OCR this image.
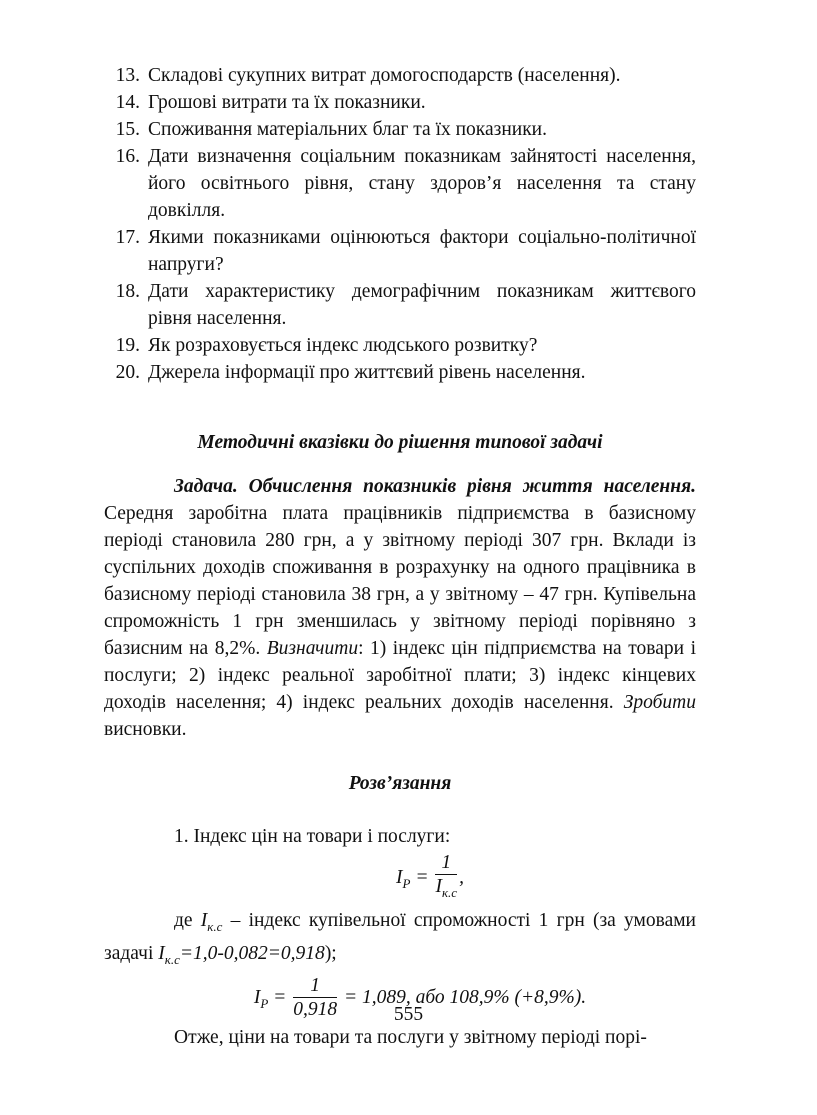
13. Складові сукупних витрат домогосподарств (населення).
14. Грошові витрати та їх показники.
15. Споживання матеріальних благ та їх показники.
16. Дати визначення соціальним показникам зайнятості населення, його освітнього рівня, стану здоров’я населення та стану довкілля.
17. Якими показниками оцінюються фактори соціально-політичної напруги?
18. Дати характеристику демографічним показникам життєвого рівня населення.
19. Як розраховується індекс людського розвитку?
20. Джерела інформації про життєвий рівень населення.
Методичні вказівки до рішення типової задачі
Задача. Обчислення показників рівня життя населення. Середня заробітна плата працівників підприємства в базисному періоді становила 280 грн, а у звітному періоді 307 грн. Вклади із суспільних доходів споживання в розрахунку на одного працівника в базисному періоді становила 38 грн, а у звітному – 47 грн. Купівельна спроможність 1 грн зменшилась у звітному періоді порівняно з базисним на 8,2%. Визначити: 1) індекс цін підприємства на товари і послуги; 2) індекс реальної заробітної плати; 3) індекс кінцевих доходів населення; 4) індекс реальних доходів населення. Зробити висновки.
Розв’язання
1. Індекс цін на товари і послуги:
$I_P = \frac{1}{I_{к.с}}$ ,
де $I_{к.с}$ – індекс купівельної спроможності 1 грн (за умовами задачі $I_{к.с}=1,0-0,082=0,918$);
$I_P = \frac{1}{0,918} = 1,089$, або 108,9% (+8,9%).
Отже, ціни на товари та послуги у звітному періоді порі-
555
